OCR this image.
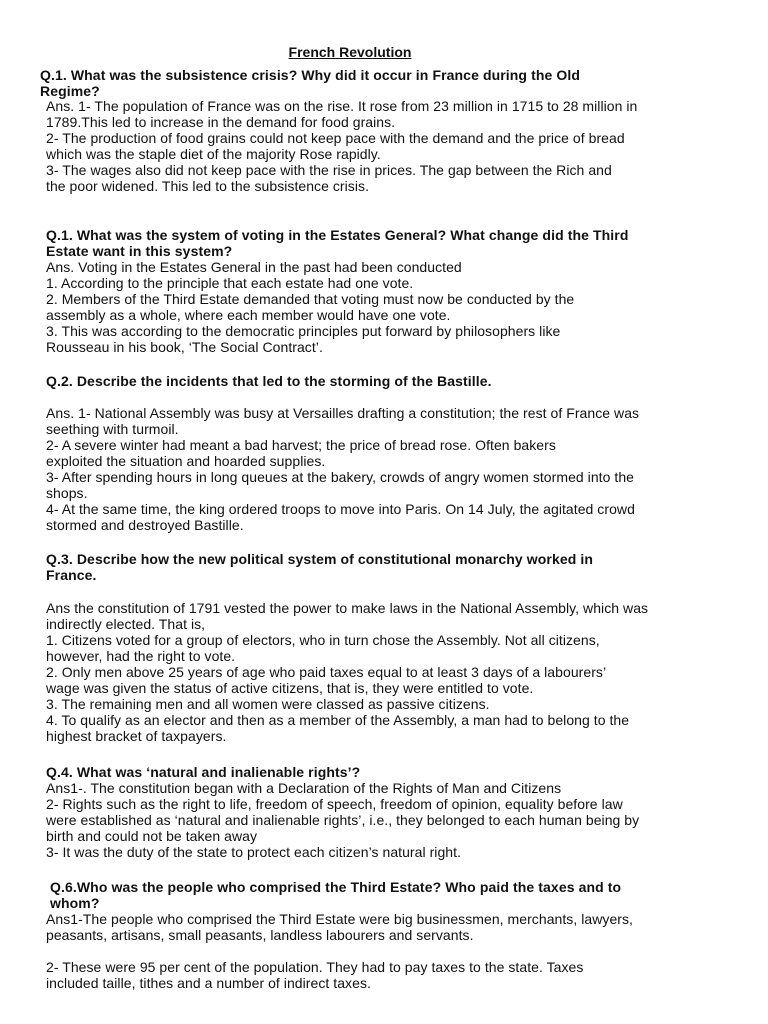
French Revolution
Q.1. What was the subsistence crisis? Why did it occur in France during the Old
Regime?
Ans. 1- The population of France was on the rise. It rose from 23 million in 1715 to 28 million in
1789.This led to increase in the demand for food grains.
2- The production of food grains could not keep pace with the demand and the price of bread
which was the staple diet of the majority Rose rapidly.
3- The wages also did not keep pace with the rise in prices. The gap between the Rich and
the poor widened. This led to the subsistence crisis.
Q.1. What was the system of voting in the Estates General? What change did the Third
Estate want in this system?
Ans. Voting in the Estates General in the past had been conducted
1. According to the principle that each estate had one vote.
2. Members of the Third Estate demanded that voting must now be conducted by the
assembly as a whole, where each member would have one vote.
3. This was according to the democratic principles put forward by philosophers like
Rousseau in his book, ‘The Social Contract’.
Q.2. Describe the incidents that led to the storming of the Bastille.
Ans. 1- National Assembly was busy at Versailles drafting a constitution; the rest of France was
seething with turmoil.
2- A severe winter had meant a bad harvest; the price of bread rose. Often bakers
exploited the situation and hoarded supplies.
3- After spending hours in long queues at the bakery, crowds of angry women stormed into the
shops.
4- At the same time, the king ordered troops to move into Paris. On 14 July, the agitated crowd
stormed and destroyed Bastille.
Q.3. Describe how the new political system of constitutional monarchy worked in
France.
Ans the constitution of 1791 vested the power to make laws in the National Assembly, which was
indirectly elected. That is,
1. Citizens voted for a group of electors, who in turn chose the Assembly. Not all citizens,
however, had the right to vote.
2. Only men above 25 years of age who paid taxes equal to at least 3 days of a labourers’
wage was given the status of active citizens, that is, they were entitled to vote.
3. The remaining men and all women were classed as passive citizens.
4. To qualify as an elector and then as a member of the Assembly, a man had to belong to the
highest bracket of taxpayers.
Q.4. What was ‘natural and inalienable rights’?
Ans1-. The constitution began with a Declaration of the Rights of Man and Citizens
2- Rights such as the right to life, freedom of speech, freedom of opinion, equality before law
were established as ‘natural and inalienable rights’, i.e., they belonged to each human being by
birth and could not be taken away
3- It was the duty of the state to protect each citizen’s natural right.
Q.6.Who was the people who comprised the Third Estate? Who paid the taxes and to
whom?
Ans1-The people who comprised the Third Estate were big businessmen, merchants, lawyers,
peasants, artisans, small peasants, landless labourers and servants.

2- These were 95 per cent of the population. They had to pay taxes to the state. Taxes
included taille, tithes and a number of indirect taxes.
